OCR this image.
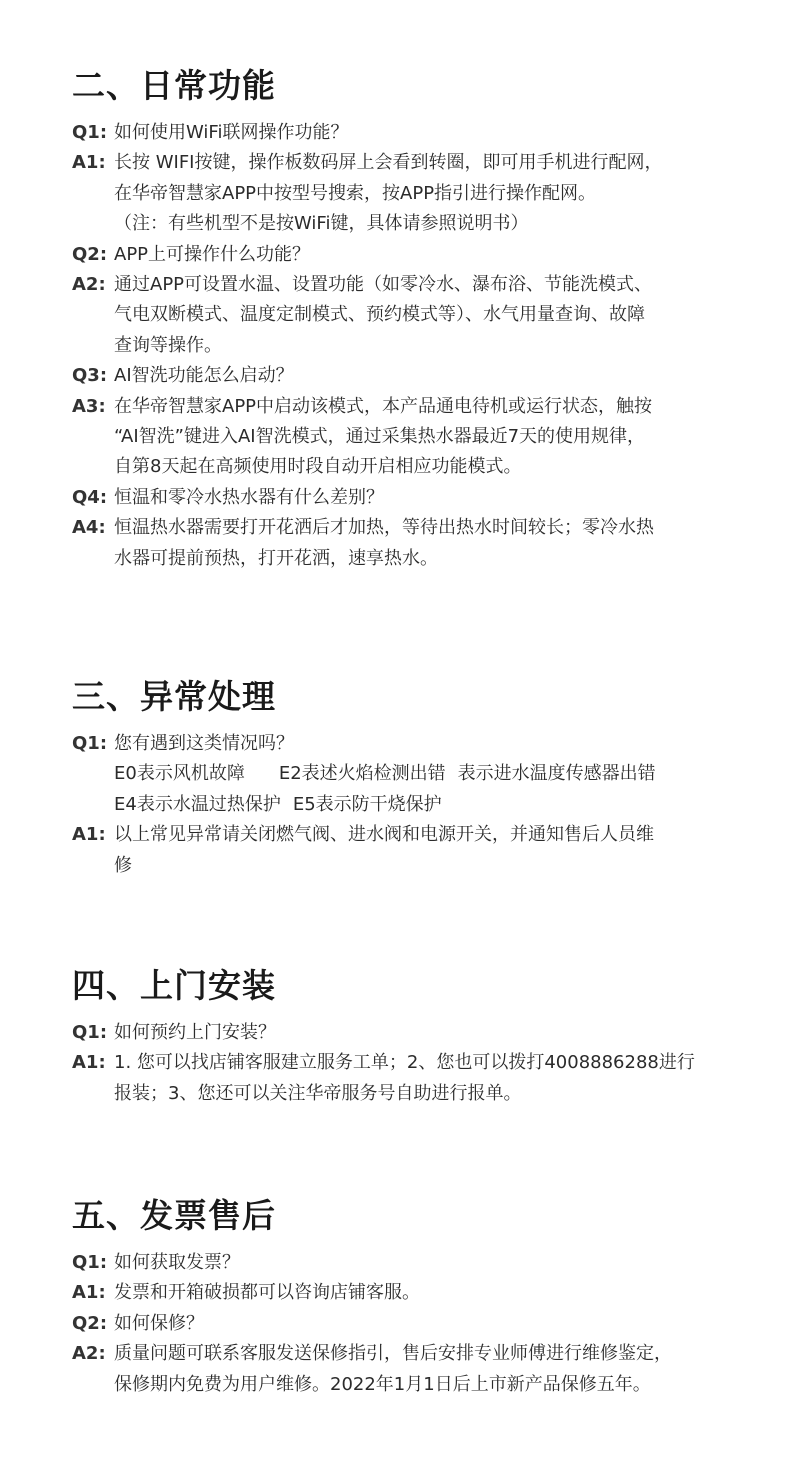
二、日常功能
Q1: 如何使用WiFi联网操作功能？
A1: 长按 WIFI按键，操作板数码屏上会看到转圈，即可用手机进行配网，
在华帝智慧家APP中按型号搜索，按APP指引进行操作配网。
（注：有些机型不是按WiFi键，具体请参照说明书）
Q2: APP上可操作什么功能？
A2: 通过APP可设置水温、设置功能（如零冷水、瀑布浴、节能洗模式、
气电双断模式、温度定制模式、预约模式等）、水气用量查询、故障
查询等操作。
Q3: AI智洗功能怎么启动？
A3: 在华帝智慧家APP中启动该模式，本产品通电待机或运行状态，触按
“AI智洗”键进入AI智洗模式，通过采集热水器最近7天的使用规律，
自第8天起在高频使用时段自动开启相应功能模式。
Q4: 恒温和零冷水热水器有什么差别？
A4: 恒温热水器需要打开花洒后才加热，等待出热水时间较长；零冷水热
水器可提前预热，打开花洒，速享热水。
三、异常处理
Q1: 您有遇到这类情况吗？
E0表示风机故障 E2表述火焰检测出错 表示进水温度传感器出错
E4表示水温过热保护 E5表示防干烧保护
A1: 以上常见异常请关闭燃气阀、进水阀和电源开关，并通知售后人员维
修
四、上门安装
Q1: 如何预约上门安装？
A1: 1. 您可以找店铺客服建立服务工单；2、您也可以拨打4008886288进行
报装；3、您还可以关注华帝服务号自助进行报单。
五、发票售后
Q1: 如何获取发票？
A1: 发票和开箱破损都可以咨询店铺客服。
Q2: 如何保修？
A2: 质量问题可联系客服发送保修指引，售后安排专业师傅进行维修鉴定，
保修期内免费为用户维修。2022年1月1日后上市新产品保修五年。
